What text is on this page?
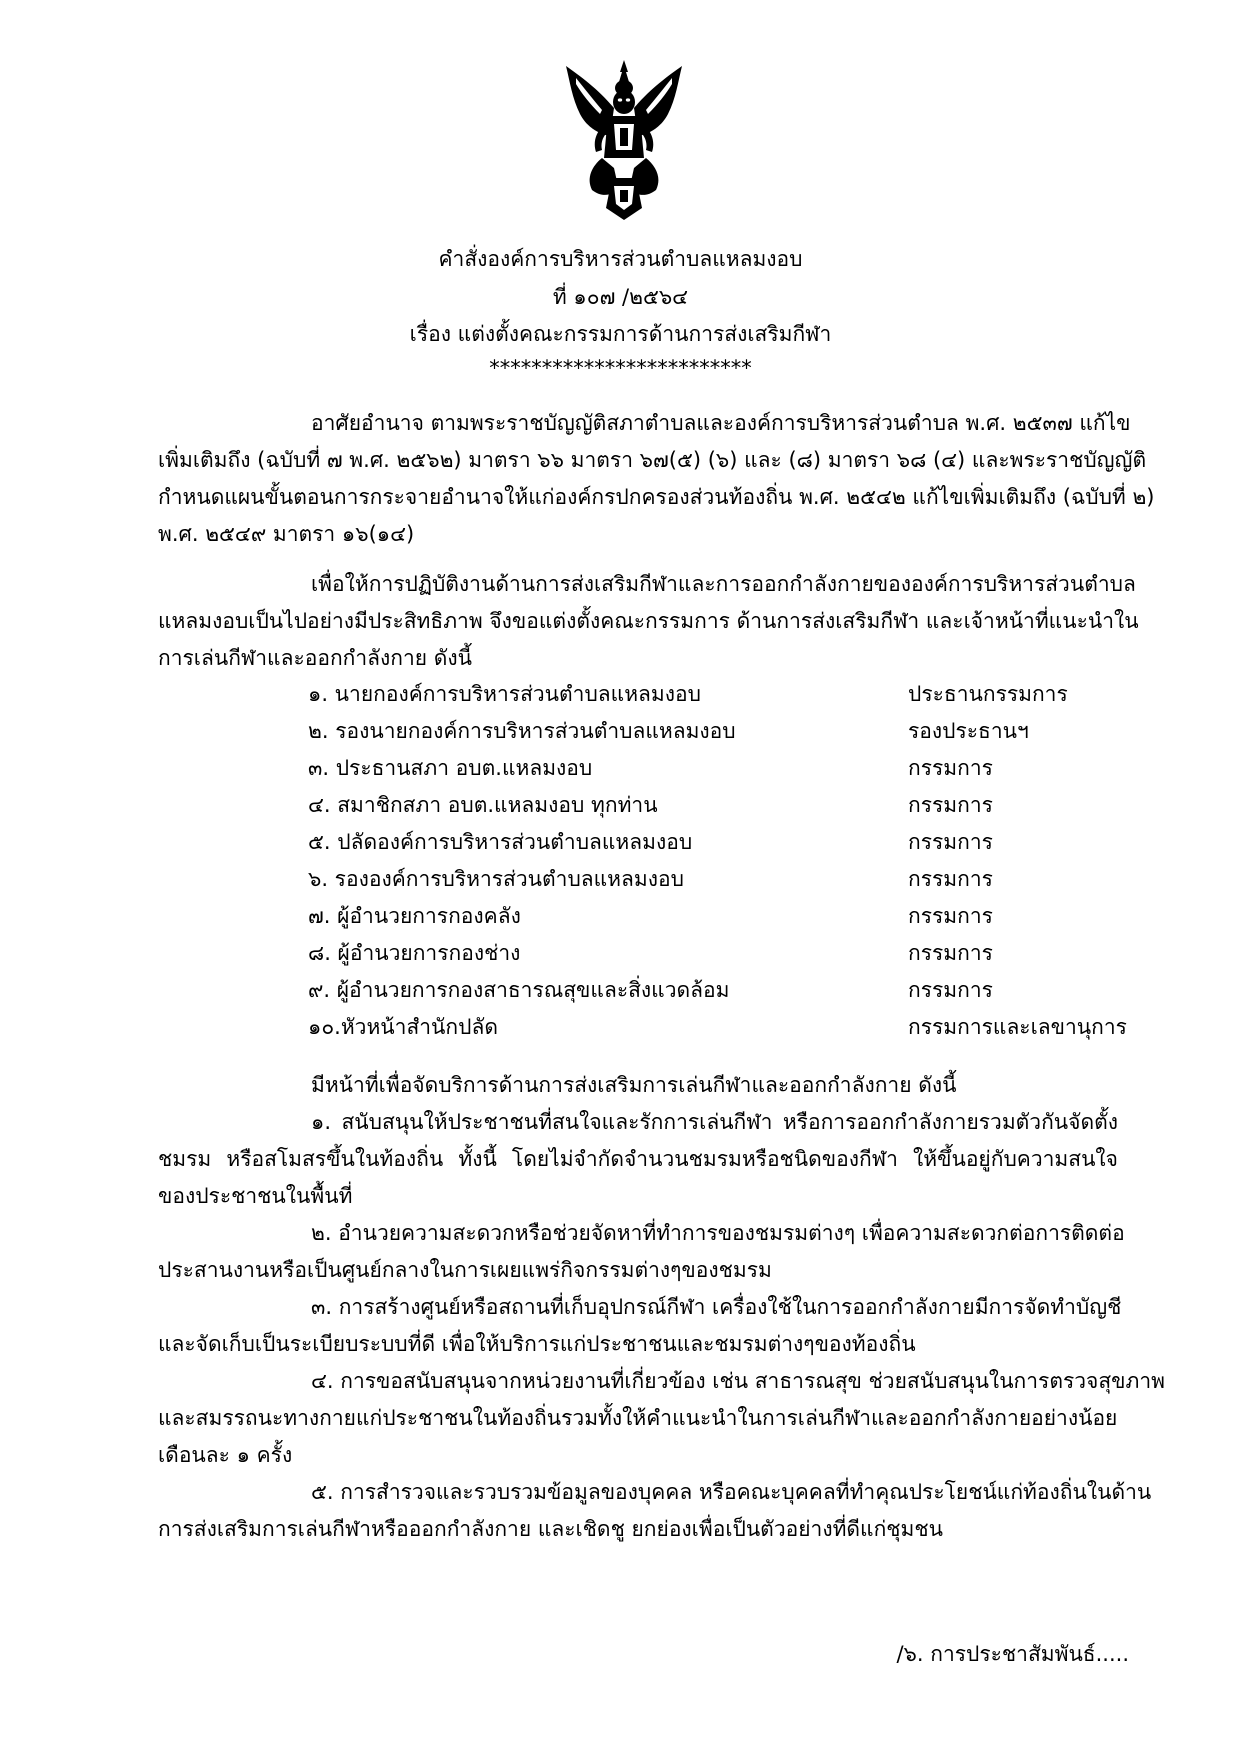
คำสั่งองค์การบริหารส่วนตำบลแหลมงอบ
ที่ ๑๐๗ /๒๕๖๔
เรื่อง แต่งตั้งคณะกรรมการด้านการส่งเสริมกีฬา
*************************
อาศัยอำนาจ ตามพระราชบัญญัติสภาตำบลและองค์การบริหารส่วนตำบล พ.ศ. ๒๕๓๗ แก้ไข
เพิ่มเติมถึง (ฉบับที่ ๗ พ.ศ. ๒๕๖๒) มาตรา ๖๖ มาตรา ๖๗(๕) (๖) และ (๘) มาตรา ๖๘ (๔) และพระราชบัญญัติ
กำหนดแผนขั้นตอนการกระจายอำนาจให้แก่องค์กรปกครองส่วนท้องถิ่น พ.ศ. ๒๕๔๒ แก้ไขเพิ่มเติมถึง (ฉบับที่ ๒)
พ.ศ. ๒๕๔๙ มาตรา ๑๖(๑๔)
เพื่อให้การปฏิบัติงานด้านการส่งเสริมกีฬาและการออกกำลังกายขององค์การบริหารส่วนตำบล
แหลมงอบเป็นไปอย่างมีประสิทธิภาพ จึงขอแต่งตั้งคณะกรรมการ ด้านการส่งเสริมกีฬา และเจ้าหน้าที่แนะนำใน
การเล่นกีฬาและออกกำลังกาย ดังนี้
๑. นายกองค์การบริหารส่วนตำบลแหลมงอบ	ประธานกรรมการ
๒. รองนายกองค์การบริหารส่วนตำบลแหลมงอบ	รองประธานฯ
๓. ประธานสภา อบต.แหลมงอบ	กรรมการ
๔. สมาชิกสภา อบต.แหลมงอบ ทุกท่าน	กรรมการ
๕. ปลัดองค์การบริหารส่วนตำบลแหลมงอบ	กรรมการ
๖. รององค์การบริหารส่วนตำบลแหลมงอบ	กรรมการ
๗. ผู้อำนวยการกองคลัง	กรรมการ
๘. ผู้อำนวยการกองช่าง	กรรมการ
๙. ผู้อำนวยการกองสาธารณสุขและสิ่งแวดล้อม	กรรมการ
๑๐.หัวหน้าสำนักปลัด	กรรมการและเลขานุการ
มีหน้าที่เพื่อจัดบริการด้านการส่งเสริมการเล่นกีฬาและออกกำลังกาย ดังนี้
๑. สนับสนุนให้ประชาชนที่สนใจและรักการเล่นกีฬา หรือการออกกำลังกายรวมตัวกันจัดตั้ง
ชมรม หรือสโมสรขึ้นในท้องถิ่น ทั้งนี้ โดยไม่จำกัดจำนวนชมรมหรือชนิดของกีฬา ให้ขึ้นอยู่กับความสนใจ
ของประชาชนในพื้นที่
๒. อำนวยความสะดวกหรือช่วยจัดหาที่ทำการของชมรมต่างๆ เพื่อความสะดวกต่อการติดต่อ
ประสานงานหรือเป็นศูนย์กลางในการเผยแพร่กิจกรรมต่างๆของชมรม
๓. การสร้างศูนย์หรือสถานที่เก็บอุปกรณ์กีฬา เครื่องใช้ในการออกกำลังกายมีการจัดทำบัญชี
และจัดเก็บเป็นระเบียบระบบที่ดี เพื่อให้บริการแก่ประชาชนและชมรมต่างๆของท้องถิ่น
๔. การขอสนับสนุนจากหน่วยงานที่เกี่ยวข้อง เช่น สาธารณสุข ช่วยสนับสนุนในการตรวจสุขภาพ
และสมรรถนะทางกายแก่ประชาชนในท้องถิ่นรวมทั้งให้คำแนะนำในการเล่นกีฬาและออกกำลังกายอย่างน้อย
เดือนละ ๑ ครั้ง
๕. การสำรวจและรวบรวมข้อมูลของบุคคล หรือคณะบุคคลที่ทำคุณประโยชน์แก่ท้องถิ่นในด้าน
การส่งเสริมการเล่นกีฬาหรือออกกำลังกาย และเชิดชู ยกย่องเพื่อเป็นตัวอย่างที่ดีแก่ชุมชน
/๖. การประชาสัมพันธ์.....
